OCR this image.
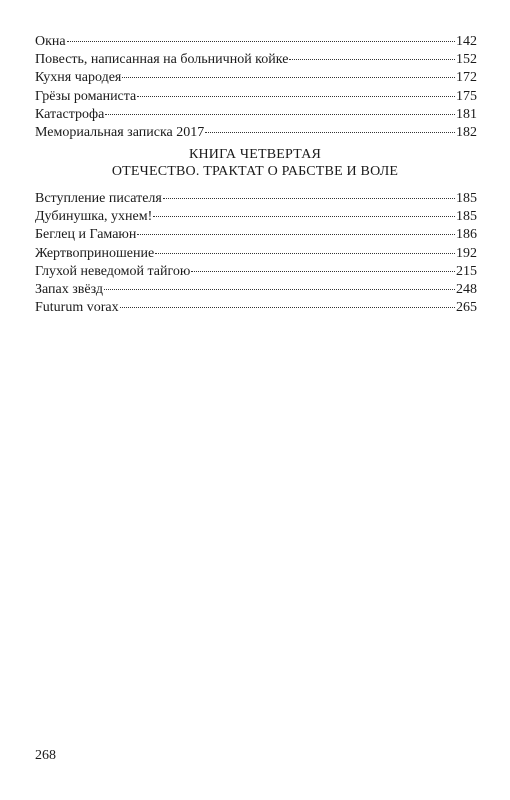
Окна	142
Повесть, написанная на больничной койке	152
Кухня чародея	172
Грёзы романиста	175
Катастрофа	181
Мемориальная записка 2017	182
КНИГА ЧЕТВЕРТАЯ
ОТЕЧЕСТВО. ТРАКТАТ О РАБСТВЕ И ВОЛЕ
Вступление писателя	185
Дубинушка, ухнем!	185
Беглец и Гамаюн	186
Жертвоприношение	192
Глухой неведомой тайгою	215
Запах звёзд	248
Futurum vorax	265
268
